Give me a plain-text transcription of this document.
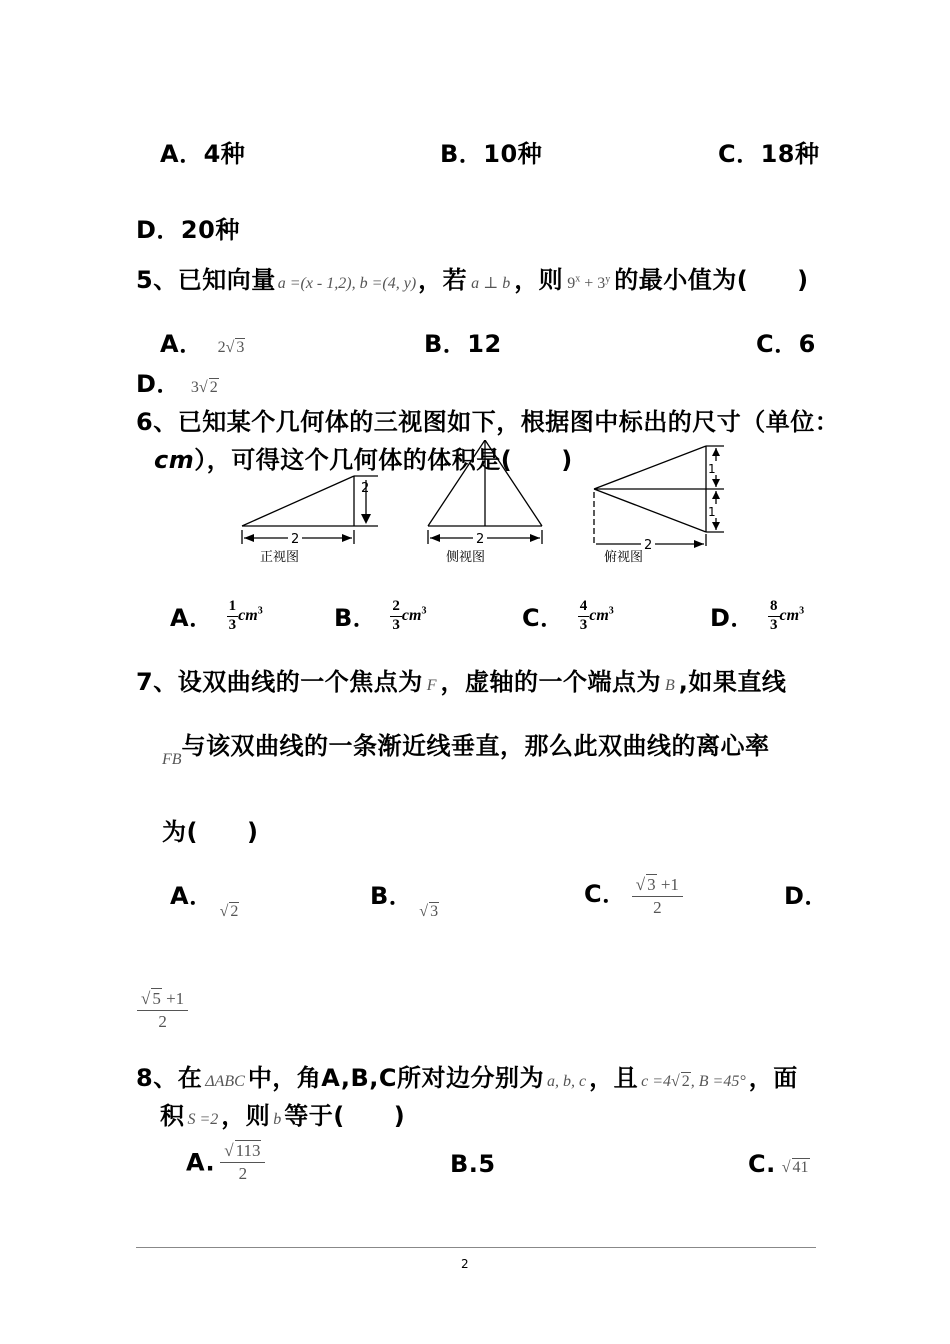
A．4种	B．10种	C．18种
D．20种
5、已知向量 a =(x - 1,2), b =(4, y)，若 a ⊥ b ，则 $9^x + 3^y$ 的最小值为(　　)
A． 2√ 3	B．12	C．6
D． 3√ 2
6、已知某个几何体的三视图如下，根据图中标出的尺寸（单位：
cm），可得这个几何体的体积是(　　)
2
2
正视图
2
侧视图
1
1
2
俯视图
A． $\frac{1}{3} cm^3$	B． $\frac{2}{3} cm^3$	C． $\frac{4}{3} cm^3$	D． $\frac{8}{3} cm^3$
7、设双曲线的一个焦点为 F ，虚轴的一个端点为 B ,如果直线
FB与该双曲线的一条渐近线垂直，那么此双曲线的离心率
为(　　)
A．√ 2
B．√ 3
C． $\frac{√ 3 +1}{2}$	D．
$\frac{√ 5 +1}{2}$
8、在 ΔABC 中，角A,B,C所对边分别为 a, b, c ，且 c =4√ 2, B =45° ，面
积 S =2 ，则 b 等于(　　)
A. $\frac{√ 113}{2}$	B.5	C. √ 41
2
